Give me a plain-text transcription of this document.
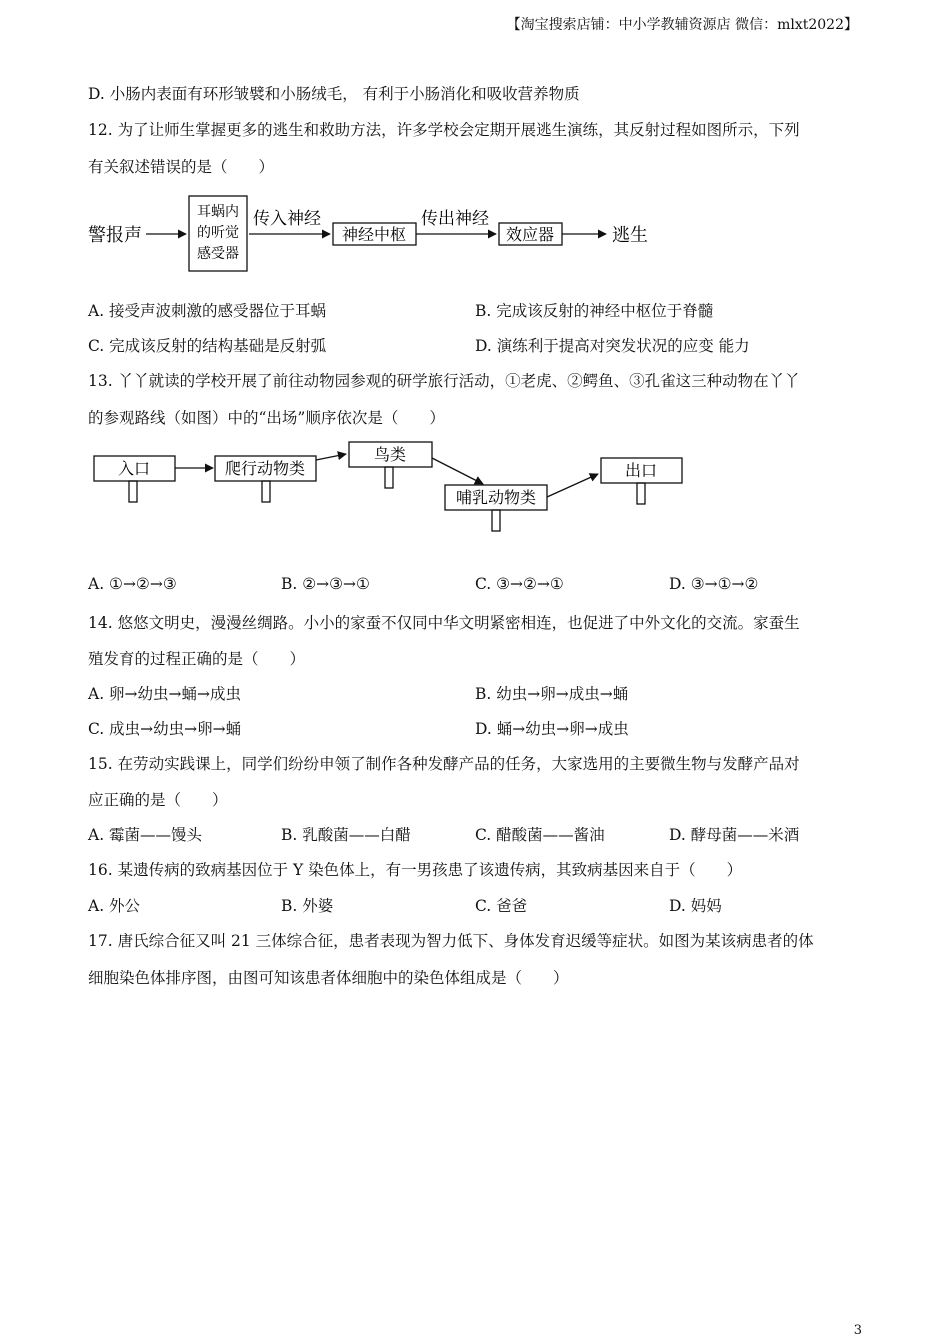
【淘宝搜索店铺：中小学教辅资源店 微信：mlxt2022】
D. 小肠内表面有环形皱襞和小肠绒毛， 有利于小肠消化和吸收营养物质
12. 为了让师生掌握更多的逃生和救助方法，许多学校会定期开展逃生演练，其反射过程如图所示，下列
有关叙述错误的是（　　）
警报声
耳蜗内
的听觉
感受器
传入神经
神经中枢
传出神经
效应器	逃生
A. 接受声波刺激的感受器位于耳蜗	B. 完成该反射的神经中枢位于脊髓
C. 完成该反射的结构基础是反射弧	D. 演练利于提高对突发状况的应变 能力
13. 丫丫就读的学校开展了前往动物园参观的研学旅行活动，①老虎、②鳄鱼、③孔雀这三种动物在丫丫
的参观路线（如图）中的“出场”顺序依次是（　　）
入口	爬行动物类
鸟类
哺乳动物类
出口
A. ①→②→③	B. ②→③→①	C. ③→②→①	D. ③→①→②
14. 悠悠文明史，漫漫丝绸路。小小的家蚕不仅同中华文明紧密相连，也促进了中外文化的交流。家蚕生
殖发育的过程正确的是（　　）
A. 卵→幼虫→蛹→成虫	B. 幼虫→卵→成虫→蛹
C. 成虫→幼虫→卵→蛹	D. 蛹→幼虫→卵→成虫
15. 在劳动实践课上，同学们纷纷申领了制作各种发酵产品的任务，大家选用的主要微生物与发酵产品对
应正确的是（　　）
A. 霉菌——馒头	B. 乳酸菌——白醋	C. 醋酸菌——酱油	D. 酵母菌——米酒
16. 某遗传病的致病基因位于 Y 染色体上，有一男孩患了该遗传病，其致病基因来自于（　　）
A. 外公	B. 外婆	C. 爸爸	D. 妈妈
17. 唐氏综合征又叫 21 三体综合征，患者表现为智力低下、身体发育迟缓等症状。如图为某该病患者的体
细胞染色体排序图，由图可知该患者体细胞中的染色体组成是（　　）
3
